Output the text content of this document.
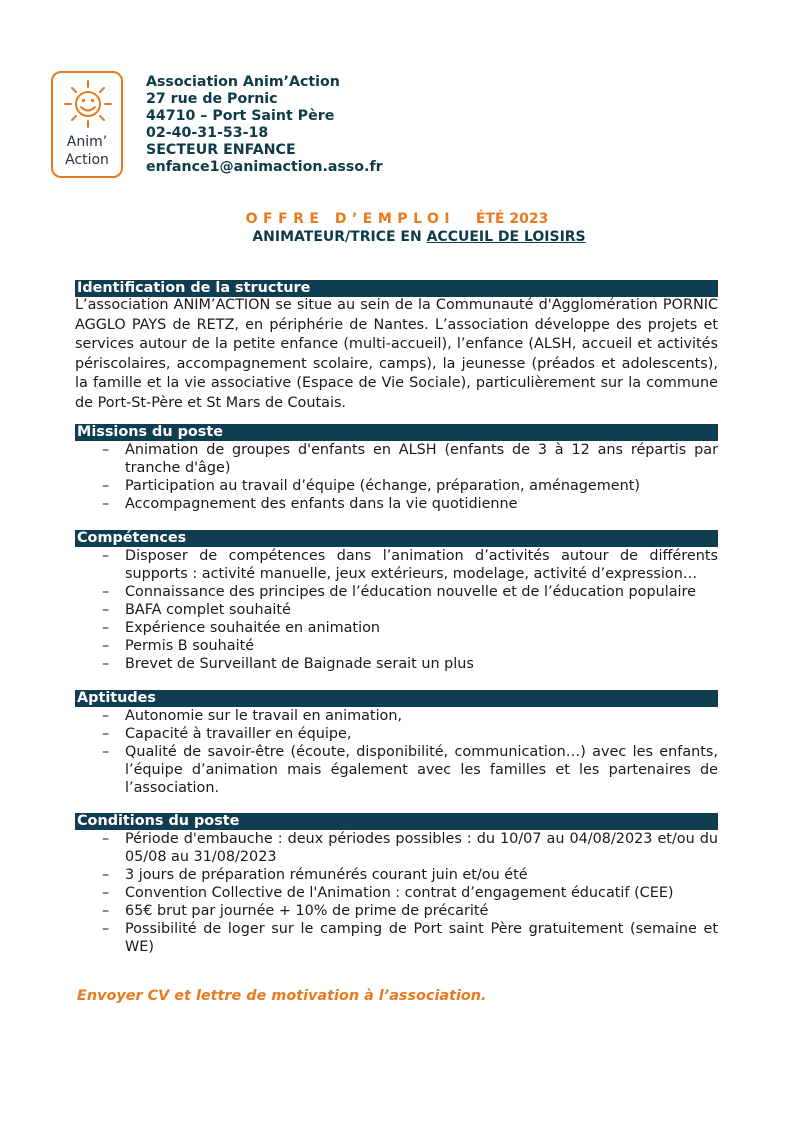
Anim’
Action
Association Anim’Action
27 rue de Pornic
44710 – Port Saint Père
02-40-31-53-18
SECTEUR ENFANCE
enfance1@animaction.asso.fr
OFFRE D’EMPLOI ÉTÉ 2023
ANIMATEUR/TRICE EN ACCUEIL DE LOISIRS
Identification de la structure
L’association ANIM’ACTION se situe au sein de la Communauté d'Agglomération PORNIC AGGLO PAYS de RETZ, en périphérie de Nantes. L’association développe des projets et services autour de la petite enfance (multi-accueil), l’enfance (ALSH, accueil et activités périscolaires, accompagnement scolaire, camps), la jeunesse (préados et adolescents), la famille et la vie associative (Espace de Vie Sociale), particulièrement sur la commune de Port-St-Père et St Mars de Coutais.
Missions du poste
– Animation de groupes d'enfants en ALSH (enfants de 3 à 12 ans répartis par tranche d'âge)
– Participation au travail d’équipe (échange, préparation, aménagement)
– Accompagnement des enfants dans la vie quotidienne
Compétences
– Disposer de compétences dans l’animation d’activités autour de différents supports : activité manuelle, jeux extérieurs, modelage, activité d’expression…
– Connaissance des principes de l’éducation nouvelle et de l’éducation populaire
– BAFA complet souhaité
– Expérience souhaitée en animation
– Permis B souhaité
– Brevet de Surveillant de Baignade serait un plus
Aptitudes
– Autonomie sur le travail en animation,
– Capacité à travailler en équipe,
– Qualité de savoir-être (écoute, disponibilité, communication…) avec les enfants, l’équipe d’animation mais également avec les familles et les partenaires de l’association.
Conditions du poste
– Période d'embauche : deux périodes possibles : du 10/07 au 04/08/2023 et/ou du 05/08 au 31/08/2023
– 3 jours de préparation rémunérés courant juin et/ou été
– Convention Collective de l'Animation : contrat d’engagement éducatif (CEE)
– 65€ brut par journée + 10% de prime de précarité
– Possibilité de loger sur le camping de Port saint Père gratuitement (semaine et WE)
Envoyer CV et lettre de motivation à l’association.
